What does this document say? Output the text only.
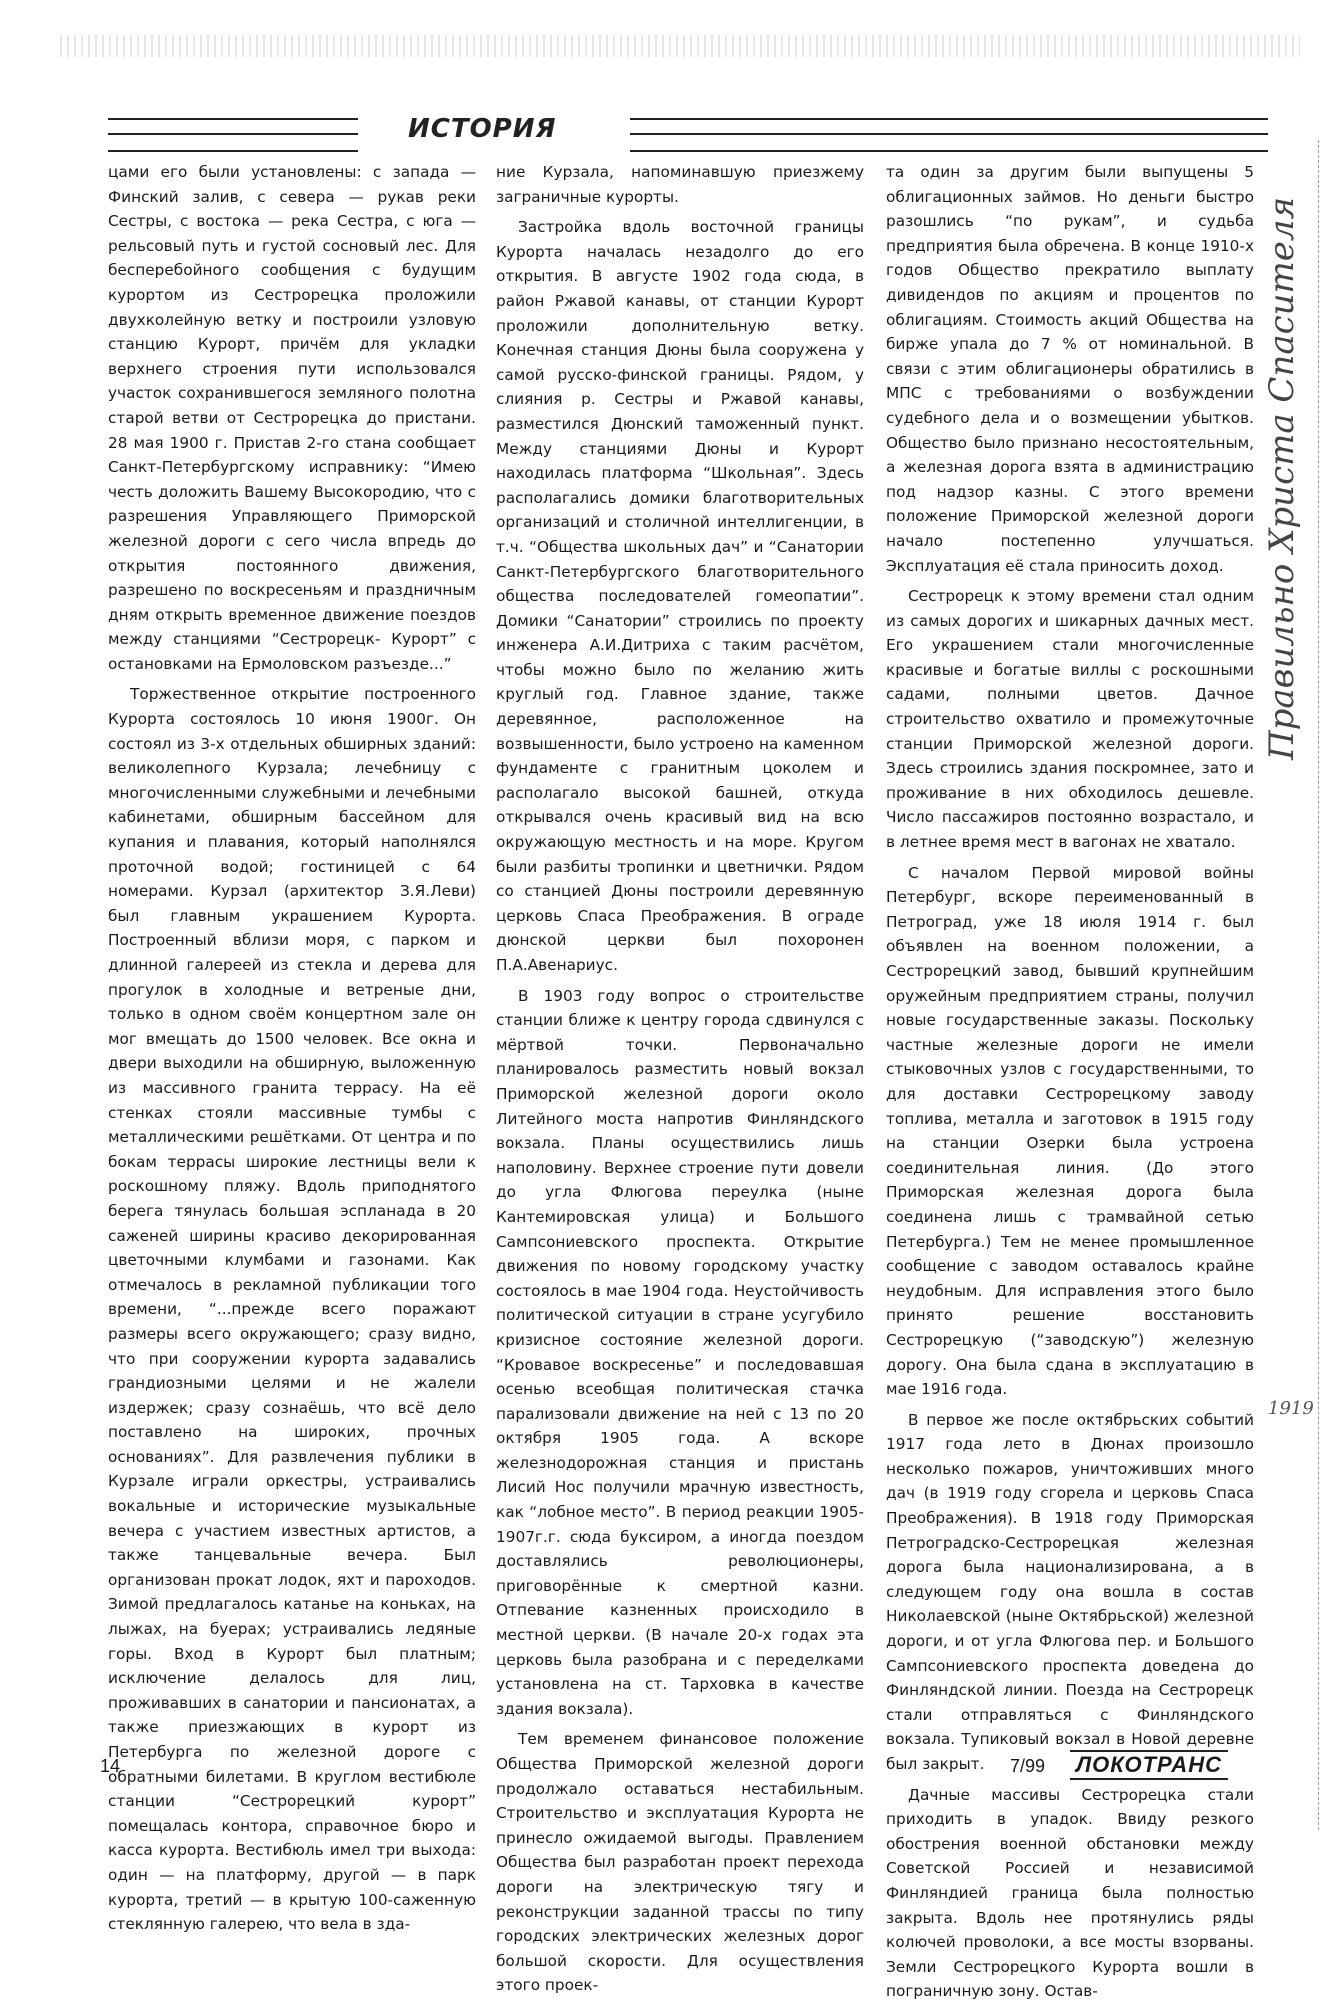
ИСТОРИЯ

цами его были установлены: с запада — Финский залив, с севера — рукав реки Сестры, с востока — река Сестра, с юга — рельсовый путь и густой сосновый лес. Для бесперебойного сообщения с будущим курортом из Сестрорецка проложили двухколейную ветку и построили узловую станцию Курорт, причём для укладки верхнего строения пути использовался участок сохранившегося земляного полотна старой ветви от Сестрорецка до пристани. 28 мая 1900 г. Пристав 2-го стана сообщает Санкт-Петербургскому исправнику: “Имею честь доложить Вашему Высокородию, что с разрешения Управляющего Приморской железной дороги с сего числа впредь до открытия постоянного движения, разрешено по воскресеньям и праздничным дням открыть временное движение поездов между станциями “Сестрорецк- Курорт” с остановками на Ермоловском разъезде...”

Торжественное открытие построенного Курорта состоялось 10 июня 1900г. Он состоял из 3-х отдельных обширных зданий: великолепного Курзала; лечебницу с многочисленными служебными и лечебными кабинетами, обширным бассейном для купания и плавания, который наполнялся проточной водой; гостиницей с 64 номерами. Курзал (архитектор З.Я.Леви) был главным украшением Курорта. Построенный вблизи моря, с парком и длинной галереей из стекла и дерева для прогулок в холодные и ветреные дни, только в одном своём концертном зале он мог вмещать до 1500 человек. Все окна и двери выходили на обширную, выложенную из массивного гранита террасу. На её стенках стояли массивные тумбы с металлическими решётками. От центра и по бокам террасы широкие лестницы вели к роскошному пляжу. Вдоль приподнятого берега тянулась большая эспланада в 20 саженей ширины красиво декорированная цветочными клумбами и газонами. Как отмечалось в рекламной публикации того времени, “...прежде всего поражают размеры всего окружающего; сразу видно, что при сооружении курорта задавались грандиозными целями и не жалели издержек; сразу сознаёшь, что всё дело поставлено на широких, прочных основаниях”. Для развлечения публики в Курзале играли оркестры, устраивались вокальные и исторические музыкальные вечера с участием известных артистов, а также танцевальные вечера. Был организован прокат лодок, яхт и пароходов. Зимой предлагалось катанье на коньках, на лыжах, на буерах; устраивались ледяные горы. Вход в Курорт был платным; исключение делалось для лиц, проживавших в санатории и пансионатах, а также приезжающих в курорт из Петербурга по железной дороге с обратными билетами. В круглом вестибюле станции “Сестрорецкий курорт” помещалась контора, справочное бюро и касса курорта. Вестибюль имел три выхода: один — на платформу, другой — в парк курорта, третий — в крытую 100-саженную стеклянную галерею, что вела в зда-

ние Курзала, напоминавшую приезжему заграничные курорты.

Застройка вдоль восточной границы Курорта началась незадолго до его открытия. В августе 1902 года сюда, в район Ржавой канавы, от станции Курорт проложили дополнительную ветку. Конечная станция Дюны была сооружена у самой русско-финской границы. Рядом, у слияния р. Сестры и Ржавой канавы, разместился Дюнский таможенный пункт. Между станциями Дюны и Курорт находилась платформа “Школьная”. Здесь располагались домики благотворительных организаций и столичной интеллигенции, в т.ч. “Общества школьных дач” и “Санатории Санкт-Петербургского благотворительного общества последователей гомеопатии”. Домики “Санатории” строились по проекту инженера А.И.Дитриха с таким расчётом, чтобы можно было по желанию жить круглый год. Главное здание, также деревянное, расположенное на возвышенности, было устроено на каменном фундаменте с гранитным цоколем и располагало высокой башней, откуда открывался очень красивый вид на всю окружающую местность и на море. Кругом были разбиты тропинки и цветнички. Рядом со станцией Дюны построили деревянную церковь Спаса Преображения. В ограде дюнской церкви был похоронен П.А.Авенариус.

В 1903 году вопрос о строительстве станции ближе к центру города сдвинулся с мёртвой точки. Первоначально планировалось разместить новый вокзал Приморской железной дороги около Литейного моста напротив Финляндского вокзала. Планы осуществились лишь наполовину. Верхнее строение пути довели до угла Флюгова переулка (ныне Кантемировская улица) и Большого Сампсониевского проспекта. Открытие движения по новому городскому участку состоялось в мае 1904 года. Неустойчивость политической ситуации в стране усугубило кризисное состояние железной дороги. “Кровавое воскресенье” и последовавшая осенью всеобщая политическая стачка парализовали движение на ней с 13 по 20 октября 1905 года. А вскоре железнодорожная станция и пристань Лисий Нос получили мрачную известность, как “лобное место”. В период реакции 1905-1907г.г. сюда буксиром, а иногда поездом доставлялись революционеры, приговорённые к смертной казни. Отпевание казненных происходило в местной церкви. (В начале 20-х годах эта церковь была разобрана и с переделками установлена на ст. Тарховка в качестве здания вокзала).

Тем временем финансовое положение Общества Приморской железной дороги продолжало оставаться нестабильным. Строительство и эксплуатация Курорта не принесло ожидаемой выгоды. Правлением Общества был разработан проект перехода дороги на электрическую тягу и реконструкции заданной трассы по типу городских электрических железных дорог большой скорости. Для осуществления этого проек-

та один за другим были выпущены 5 облигационных займов. Но деньги быстро разошлись “по рукам”, и судьба предприятия была обречена. В конце 1910-х годов Общество прекратило выплату дивидендов по акциям и процентов по облигациям. Стоимость акций Общества на бирже упала до 7 % от номинальной. В связи с этим облигационеры обратились в МПС с требованиями о возбуждении судебного дела и о возмещении убытков. Общество было признано несостоятельным, а железная дорога взята в администрацию под надзор казны. С этого времени положение Приморской железной дороги начало постепенно улучшаться. Эксплуатация её стала приносить доход.

Сестрорецк к этому времени стал одним из самых дорогих и шикарных дачных мест. Его украшением стали многочисленные красивые и богатые виллы с роскошными садами, полными цветов. Дачное строительство охватило и промежуточные станции Приморской железной дороги. Здесь строились здания поскромнее, зато и проживание в них обходилось дешевле. Число пассажиров постоянно возрастало, и в летнее время мест в вагонах не хватало.

С началом Первой мировой войны Петербург, вскоре переименованный в Петроград, уже 18 июля 1914 г. был объявлен на военном положении, а Сестрорецкий завод, бывший крупнейшим оружейным предприятием страны, получил новые государственные заказы. Поскольку частные железные дороги не имели стыковочных узлов с государственными, то для доставки Сестрорецкому заводу топлива, металла и заготовок в 1915 году на станции Озерки была устроена соединительная линия. (До этого Приморская железная дорога была соединена лишь с трамвайной сетью Петербурга.) Тем не менее промышленное сообщение с заводом оставалось крайне неудобным. Для исправления этого было принято решение восстановить Сестрорецкую (“заводскую”) железную дорогу. Она была сдана в эксплуатацию в мае 1916 года.

В первое же после октябрьских событий 1917 года лето в Дюнах произошло несколько пожаров, уничтоживших много дач (в 1919 году сгорела и церковь Спаса Преображения). В 1918 году Приморская Петроградско-Сестрорецкая железная дорога была национализирована, а в следующем году она вошла в состав Николаевской (ныне Октябрьской) железной дороги, и от угла Флюгова пер. и Большого Сампсониевского проспекта доведена до Финляндской линии. Поезда на Сестрорецк стали отправляться с Финляндского вокзала. Тупиковый вокзал в Новой деревне был закрыт.

Дачные массивы Сестрорецка стали приходить в упадок. Ввиду резкого обострения военной обстановки между Советской Россией и независимой Финляндией граница была полностью закрыта. Вдоль нее протянулись ряды колючей проволоки, а все мосты взорваны. Земли Сестрорецкого Курорта вошли в пограничную зону. Остав-

Правильно Христа Спасителя
1919
14	7/99 ЛОКОТРАНС
